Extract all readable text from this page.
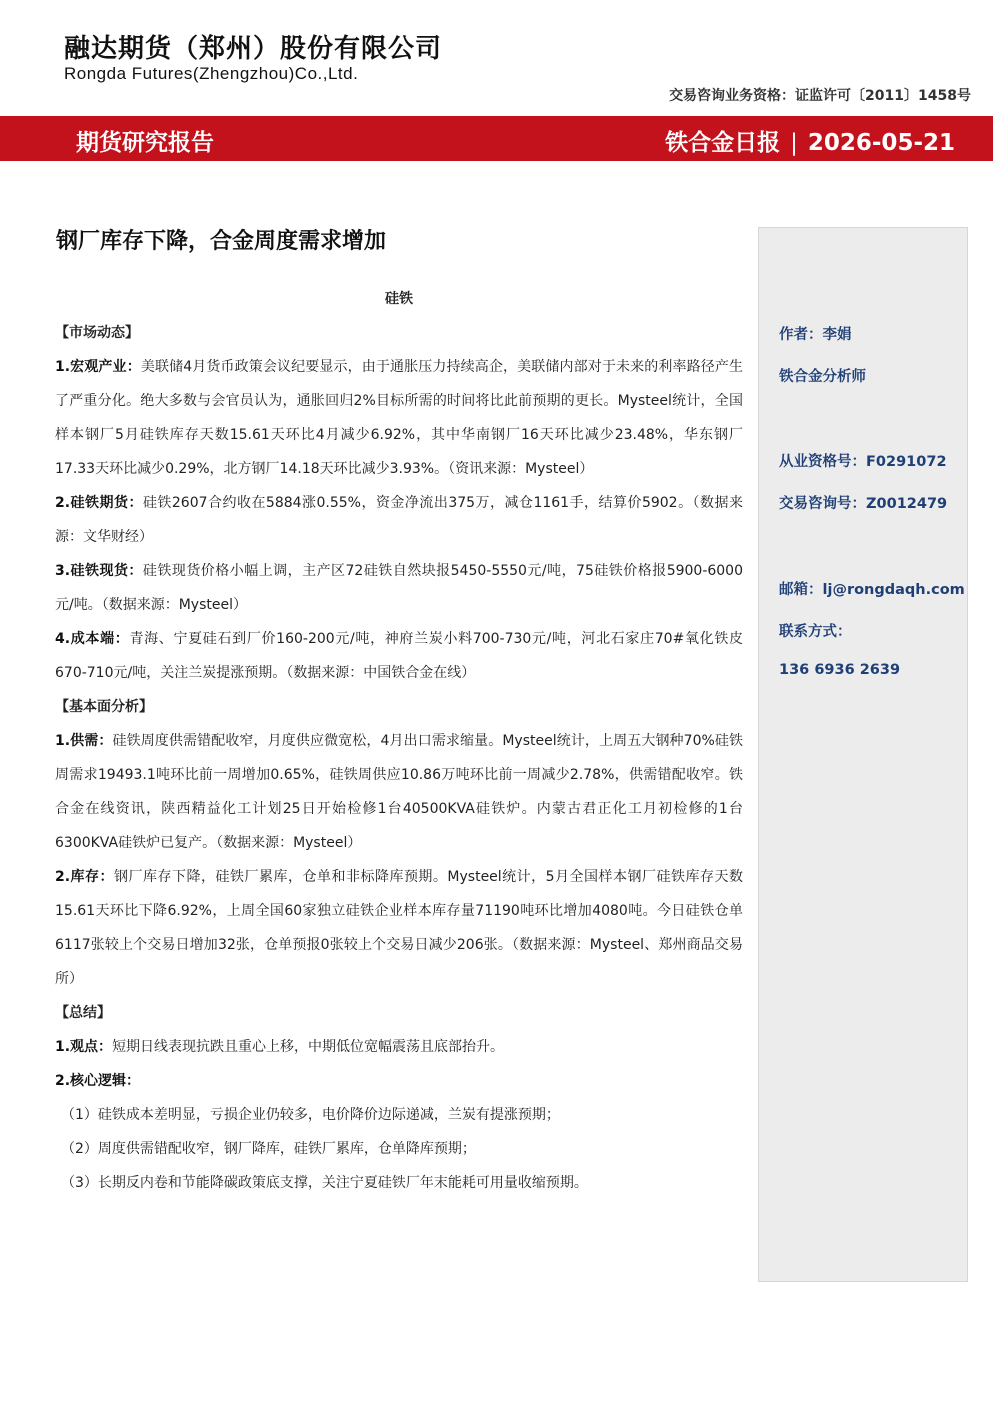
融达期货（郑州）股份有限公司
Rongda Futures(Zhengzhou)Co.,Ltd.
交易咨询业务资格：证监许可〔2011〕1458号
期货研究报告	铁合金日报 | 2026-05-21
钢厂库存下降，合金周度需求增加
作者：李娟
铁合金分析师
从业资格号：F0291072
交易咨询号：Z0012479
邮箱：lj@rongdaqh.com
联系方式：
136 6936 2639

硅铁

【市场动态】

1.宏观产业：美联储4月货币政策会议纪要显示，由于通胀压力持续高企，美联储内部对于未来的利率路径产生了严重分化。绝大多数与会官员认为，通胀回归2%目标所需的时间将比此前预期的更长。Mysteel统计，全国样本钢厂5月硅铁库存天数15.61天环比4月减少6.92%，其中华南钢厂16天环比减少23.48%，华东钢厂17.33天环比减少0.29%，北方钢厂14.18天环比减少3.93%。（资讯来源：Mysteel）

2.硅铁期货：硅铁2607合约收在5884涨0.55%，资金净流出375万，减仓1161手，结算价5902。（数据来源：文华财经）

3.硅铁现货：硅铁现货价格小幅上调，主产区72硅铁自然块报5450-5550元/吨，75硅铁价格报5900-6000元/吨。（数据来源：Mysteel）

4.成本端：青海、宁夏硅石到厂价160-200元/吨，神府兰炭小料700-730元/吨，河北石家庄70#氧化铁皮670-710元/吨，关注兰炭提涨预期。（数据来源：中国铁合金在线）

【基本面分析】

1.供需：硅铁周度供需错配收窄，月度供应微宽松，4月出口需求缩量。Mysteel统计，上周五大钢种70%硅铁周需求19493.1吨环比前一周增加0.65%，硅铁周供应10.86万吨环比前一周减少2.78%，供需错配收窄。铁合金在线资讯，陕西精益化工计划25日开始检修1台40500KVA硅铁炉。内蒙古君正化工月初检修的1台6300KVA硅铁炉已复产。（数据来源：Mysteel）

2.库存：钢厂库存下降，硅铁厂累库，仓单和非标降库预期。Mysteel统计，5月全国样本钢厂硅铁库存天数15.61天环比下降6.92%，上周全国60家独立硅铁企业样本库存量71190吨环比增加4080吨。今日硅铁仓单6117张较上个交易日增加32张，仓单预报0张较上个交易日减少206张。（数据来源：Mysteel、郑州商品交易所）

【总结】

1.观点：短期日线表现抗跌且重心上移，中期低位宽幅震荡且底部抬升。

2.核心逻辑：

（1）硅铁成本差明显，亏损企业仍较多，电价降价边际递减，兰炭有提涨预期；

（2）周度供需错配收窄，钢厂降库，硅铁厂累库，仓单降库预期；

（3）长期反内卷和节能降碳政策底支撑，关注宁夏硅铁厂年末能耗可用量收缩预期。
